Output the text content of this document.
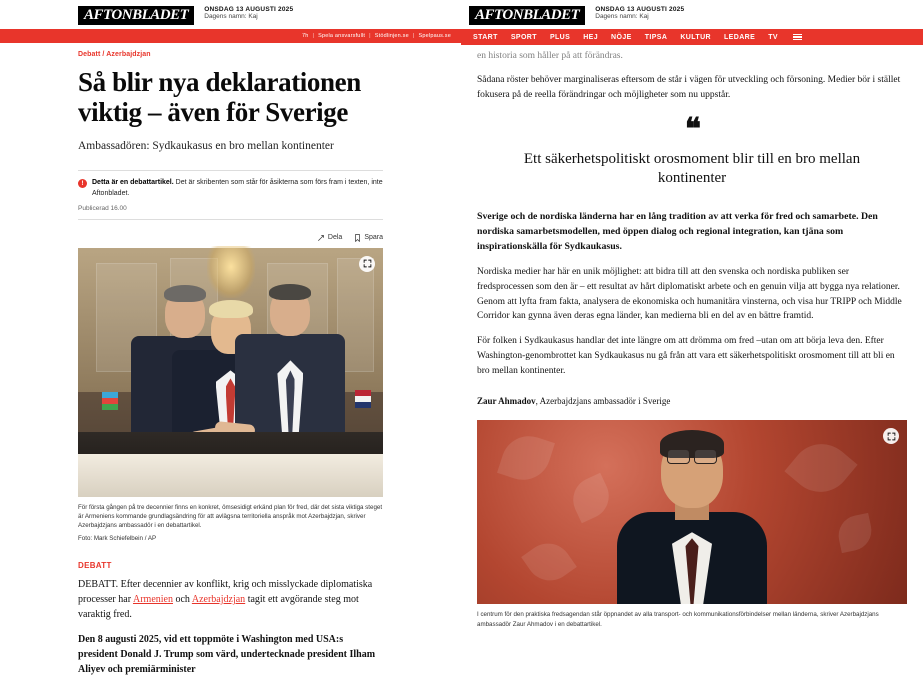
AFTONBLADET	ONSDAG 13 AUGUSTI 2025
Dagens namn: Kaj
7h | Spela ansvarsfullt | Stödlinjen.se | Spelpaus.se
Debatt / Azerbajdzjan
Så blir nya deklarationen viktig – även för Sverige
Ambassadören: Sydkaukasus en bro mellan kontinenter
!	Detta är en debattartikel. Det är skribenten som står för åsikterna som förs fram i texten, inte Aftonbladet.
Publicerad 16.00
Dela	Spara
För första gången på tre decennier finns en konkret, ömsesidigt erkänd plan för fred, där det sista viktiga steget är Armeniens kommande grundlagsändring för att avlägsna territoriella anspråk mot Azerbajdzjan, skriver Azerbajdzjans ambassadör i en debattartikel.
Foto: Mark Schiefelbein / AP
DEBATT

DEBATT. Efter decennier av konflikt, krig och misslyckade diplomatiska processer har Armenien och Azerbajdzjan tagit ett avgörande steg mot varaktig fred.

Den 8 augusti 2025, vid ett toppmöte i Washington med USA:s president Donald J. Trump som värd, undertecknade president Ilham Aliyev och premiärminister

AFTONBLADET	ONSDAG 13 AUGUSTI 2025
Dagens namn: Kaj
START SPORT PLUS HEJ NÖJE TIPSA KULTUR LEDARE TV

en historia som håller på att förändras.

Sådana röster behöver marginaliseras eftersom de står i vägen för utveckling och försoning. Medier bör i stället fokusera på de reella förändringar och möjligheter som nu uppstår.

❝
Ett säkerhetspolitiskt orosmoment blir till en bro mellan kontinenter

Sverige och de nordiska länderna har en lång tradition av att verka för fred och samarbete. Den nordiska samarbetsmodellen, med öppen dialog och regional integration, kan tjäna som inspirationskälla för Sydkaukasus.

Nordiska medier har här en unik möjlighet: att bidra till att den svenska och nordiska publiken ser fredsprocessen som den är – ett resultat av hårt diplomatiskt arbete och en genuin vilja att bygga nya relationer. Genom att lyfta fram fakta, analysera de ekonomiska och humanitära vinsterna, och visa hur TRIPP och Middle Corridor kan gynna även deras egna länder, kan medierna bli en del av en bättre framtid.

För folken i Sydkaukasus handlar det inte längre om att drömma om fred –utan om att börja leva den. Efter Washington-genombrottet kan Sydkaukasus nu gå från att vara ett säkerhetspolitiskt orosmoment till att bli en bro mellan kontinenter.

Zaur Ahmadov, Azerbajdzjans ambassadör i Sverige
I centrum för den praktiska fredsagendan står öppnandet av alla transport- och kommunikationsförbindelser mellan länderna, skriver Azerbajdzjans ambassadör Zaur Ahmadov i en debattartikel.
